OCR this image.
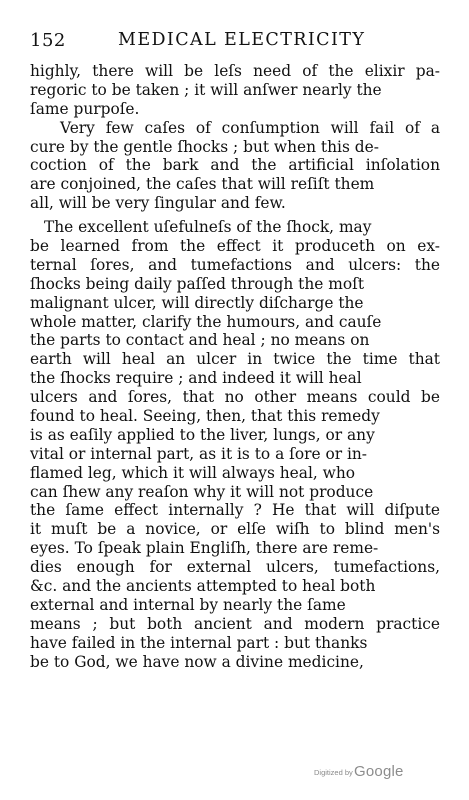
152	MEDICAL ELECTRICITY
highly, there will be leſs need of the elixir pa-
regoric to be taken ; it will anſwer nearly the
ſame purpoſe.
Very few caſes of conſumption will fail of a
cure by the gentle ſhocks ; but when this de-
coction of the bark and the artificial inſolation
are conjoined, the caſes that will reſiſt them
all, will be very ſingular and few.
The excellent uſefulneſs of the ſhock, may
be learned from the effect it produceth on ex-
ternal ſores, and tumefactions and ulcers: the
ſhocks being daily paſſed through the moſt
malignant ulcer, will directly diſcharge the
whole matter, clarify the humours, and cauſe
the parts to contact and heal ; no means on
earth will heal an ulcer in twice the time that
the ſhocks require ; and indeed it will heal
ulcers and ſores, that no other means could be
found to heal. Seeing, then, that this remedy
is as eaſily applied to the liver, lungs, or any
vital or internal part, as it is to a ſore or in-
flamed leg, which it will always heal, who
can ſhew any reaſon why it will not produce
the ſame effect internally ? He that will diſpute
it muſt be a novice, or elſe wiſh to blind men's
eyes. To ſpeak plain Engliſh, there are reme-
dies enough for external ulcers, tumefactions,
&c. and the ancients attempted to heal both
external and internal by nearly the ſame
means ; but both ancient and modern practice
have failed in the internal part : but thanks
be to God, we have now a divine medicine,
Digitized by Google
